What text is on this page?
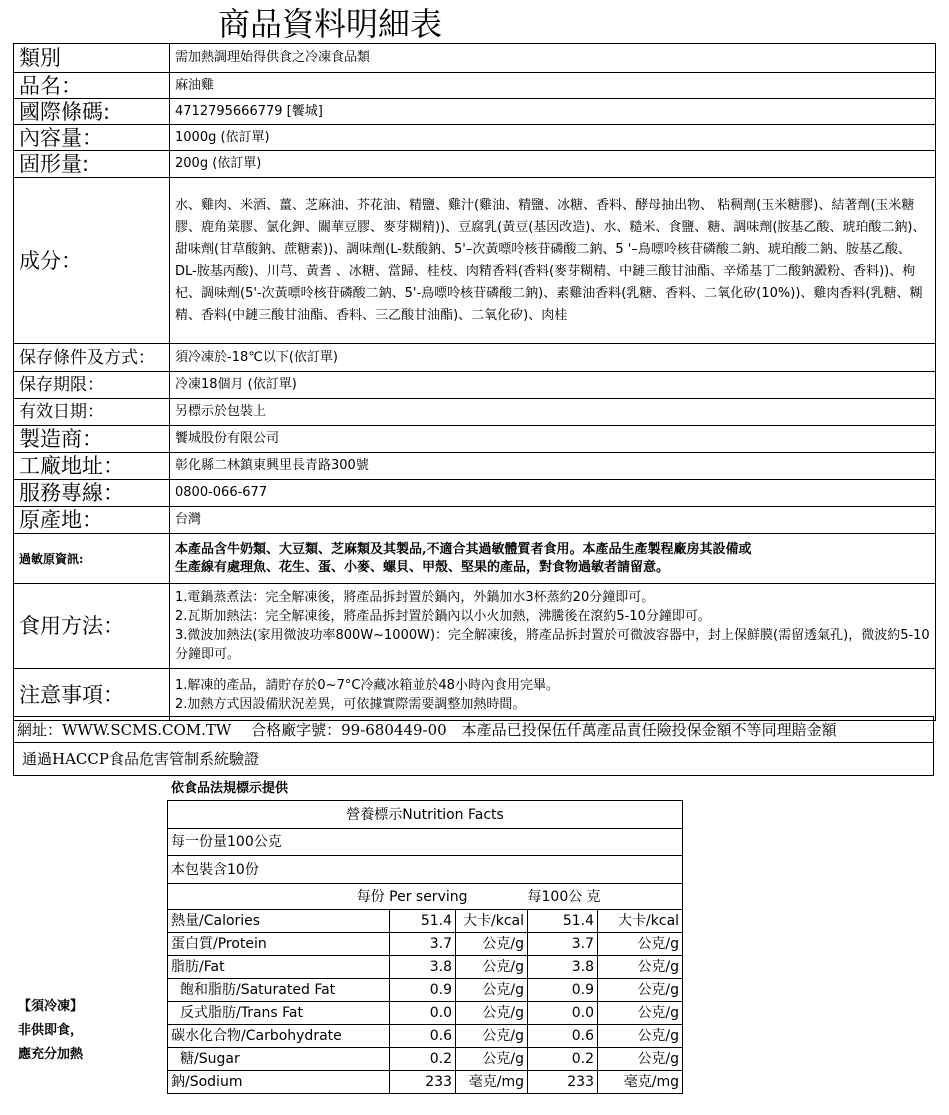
商品資料明細表
類別	需加熱調理始得供食之冷凍食品類
品名：	麻油雞
國際條碼:	4712795666779 [饗城]
內容量：	1000g (依訂單)
固形量:	200g (依訂單)
成分：	水、雞肉、米酒、薑、芝麻油、芥花油、精鹽、雞汁(雞油、精鹽、冰糖、香料、酵母抽出物、 粘稠劑(玉米糖膠)、結著劑(玉米糖膠、鹿角菜膠、氯化鉀、關華豆膠、麥芽糊精))、豆腐乳(黃豆(基因改造)、水、糙米、食鹽、糖、調味劑(胺基乙酸、琥珀酸二鈉)、甜味劑(甘草酸鈉、蔗糖素))、調味劑(L-麩酸鈉、5'–次黃嘌呤核苷磷酸二鈉、5 '–鳥嘌呤核苷磷酸二鈉、琥珀酸二鈉、胺基乙酸、DL-胺基丙酸)、川芎、黃耆 、冰糖、當歸、桂枝、肉精香料(香料(麥芽糊精、中鏈三酸甘油酯、辛烯基丁二酸鈉澱粉、香料))、枸杞、調味劑(5'-次黃嘌呤核苷磷酸二鈉、5'-鳥嘌呤核苷磷酸二鈉)、素雞油香料(乳糖、香料、二氧化矽(10%))、雞肉香料(乳糖、糊精、香料(中鏈三酸甘油酯、香料、三乙酸甘油酯)、二氧化矽)、肉桂
保存條件及方式：	須冷凍於-18℃以下(依訂單)
保存期限：	冷凍18個月 (依訂單)
有效日期：	另標示於包裝上
製造商：	饗城股份有限公司
工廠地址：	彰化縣二林鎮東興里長青路300號
服務專線：	0800-066-677
原產地：	台灣
過敏原資訊:	本產品含牛奶類、大豆類、芝麻類及其製品,不適合其過敏體質者食用。本產品生產製程廠房其設備或
生產線有處理魚、花生、蛋、小麥、螺貝、甲殼、堅果的產品，對食物過敏者請留意。

食用方法：	1.電鍋蒸煮法：完全解凍後，將產品拆封置於鍋內，外鍋加水3杯蒸約20分鐘即可。
2.瓦斯加熱法：完全解凍後，將產品拆封置於鍋內以小火加熱，沸騰後在滾約5-10分鐘即可。
3.微波加熱法(家用微波功率800W~1000W)：完全解凍後，將產品拆封置於可微波容器中，封上保鮮膜(需留透氣孔)，微波約5-10分鐘即可。

注意事項：	1.解凍的產品，請貯存於0~7°C冷藏冰箱並於48小時內食用完畢。
2.加熱方式因設備狀況差異，可依據實際需要調整加熱時間。
網址：WWW.SCMS.COM.TW　 合格廠字號：99-680449-00　本產品已投保伍仟萬產品責任險投保金額不等同理賠金額
通過HACCP食品危害管制系統驗證
依食品法規標示提供
營養標示Nutrition Facts				
每一份量100公克				
本包裝含10份				
每份 Per serving			每100公 克	
熱量/Calories	51.4	大卡/kcal	51.4	大卡/kcal
蛋白質/Protein	3.7	公克/g	3.7	公克/g
脂肪/Fat	3.8	公克/g	3.8	公克/g
飽和脂肪/Saturated Fat	0.9	公克/g	0.9	公克/g
反式脂肪/Trans Fat	0.0	公克/g	0.0	公克/g
碳水化合物/Carbohydrate	0.6	公克/g	0.6	公克/g
糖/Sugar	0.2	公克/g	0.2	公克/g
鈉/Sodium	233	毫克/mg	233	毫克/mg
【須冷凍】
非供即食，
應充分加熱
